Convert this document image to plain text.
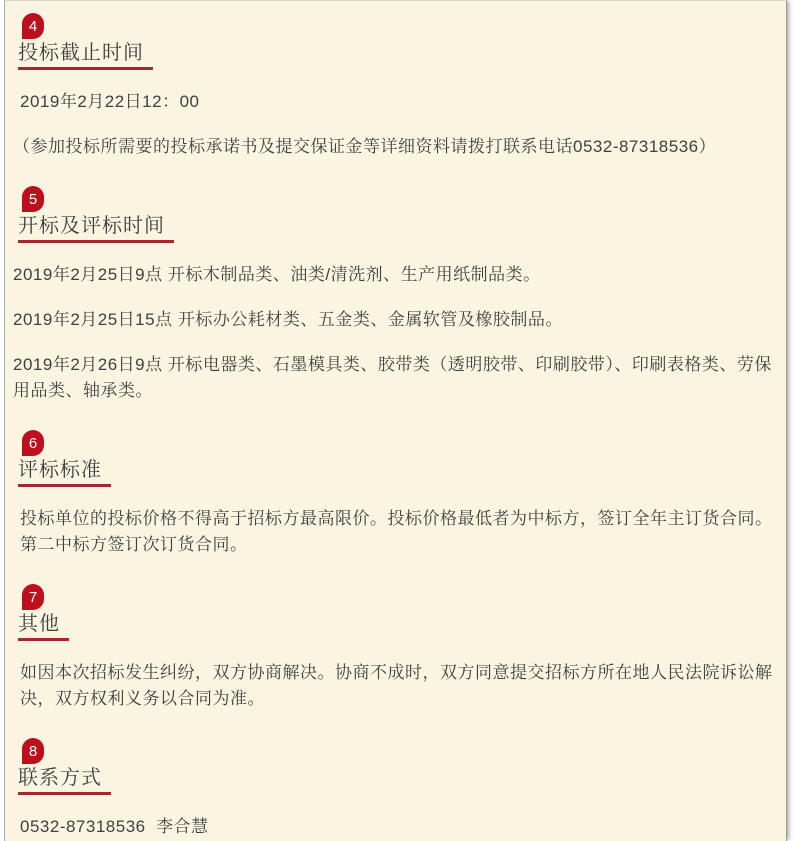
4
投标截止时间

2019年2月22日12：00

（参加投标所需要的投标承诺书及提交保证金等详细资料请拨打联系电话0532-87318536）

5
开标及评标时间

2019年2月25日9点 开标木制品类、油类/清洗剂、生产用纸制品类。

2019年2月25日15点 开标办公耗材类、五金类、金属软管及橡胶制品。

2019年2月26日9点 开标电器类、石墨模具类、胶带类（透明胶带、印刷胶带）、印刷表格类、劳保用品类、轴承类。

6
评标标准

投标单位的投标价格不得高于招标方最高限价。投标价格最低者为中标方，签订全年主订货合同。第二中标方签订次订货合同。

7
其他

如因本次招标发生纠纷，双方协商解决。协商不成时，双方同意提交招标方所在地人民法院诉讼解决，双方权利义务以合同为准。

8
联系方式

0532-87318536  李合慧
